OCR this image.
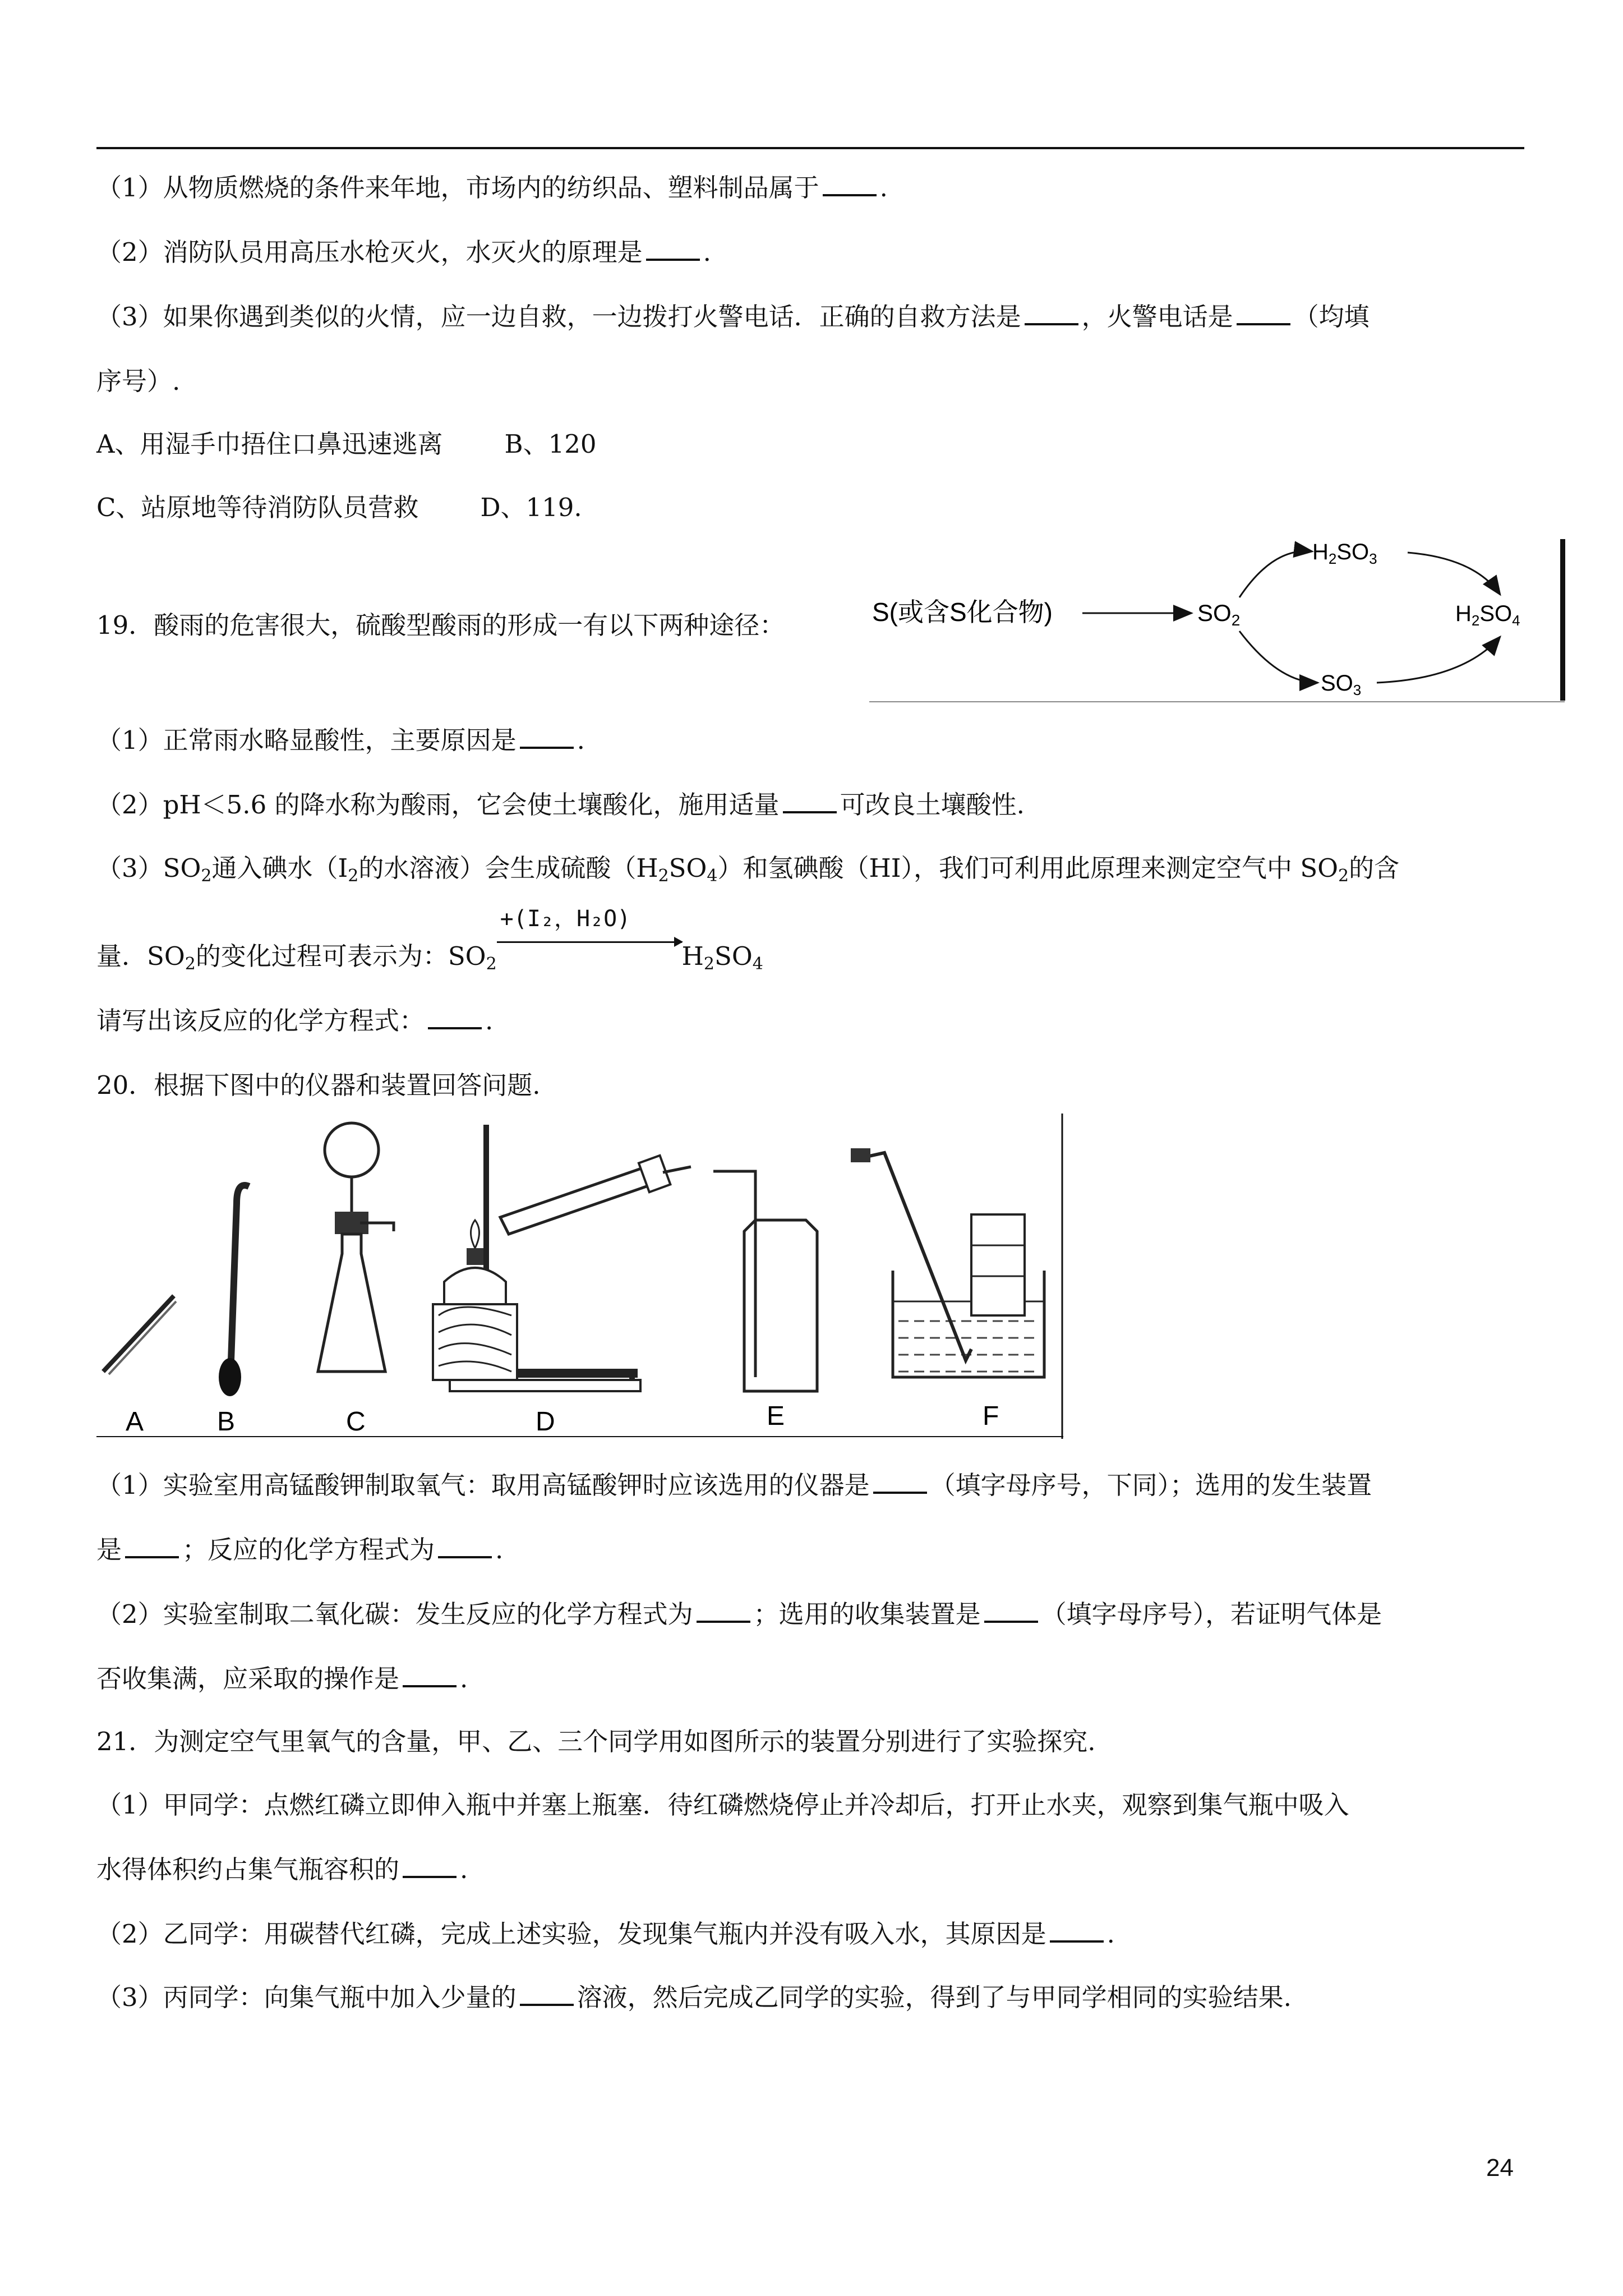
（1）从物质燃烧的条件来年地，市场内的纺织品、塑料制品属于 .
（2）消防队员用高压水枪灭火，水灭火的原理是 .
（3）如果你遇到类似的火情，应一边自救，一边拨打火警电话．正确的自救方法是 ，火警电话是 （均填
序号）.
A、用湿手巾捂住口鼻迅速逃离 B、120
C、站原地等待消防队员营救 D、119.
19．酸雨的危害很大，硫酸型酸雨的形成一有以下两种途径：	S(或含S化合物)	SO2
$H_2SO_3$
$SO_3$
$H_2SO_4$
（1）正常雨水略显酸性，主要原因是 .
（2）pH＜5.6 的降水称为酸雨，它会使土壤酸化，施用适量 可改良土壤酸性.
$(3)SO_2$通入碘水（$I_2$的水溶液）会生成硫酸$(H_2SO_4)$和氢碘酸（HI），我们可利用此原理来测定空气中 $SO_2$的含
量．$SO_2$的变化过程可表示为：$SO_2$
+(I₂，H₂O)
$H_2SO_4$
请写出该反应的化学方程式： .
20．根据下图中的仪器和装置回答问题.
A	B	C	D	E	F
（1）实验室用高锰酸钾制取氧气：取用高锰酸钾时应该选用的仪器是 （填字母序号，下同）；选用的发生装置
是 ；反应的化学方程式为 .
（2）实验室制取二氧化碳：发生反应的化学方程式为 ；选用的收集装置是 （填字母序号），若证明气体是
否收集满，应采取的操作是 .
21．为测定空气里氧气的含量，甲、乙、三个同学用如图所示的装置分别进行了实验探究.
（1）甲同学：点燃红磷立即伸入瓶中并塞上瓶塞．待红磷燃烧停止并冷却后，打开止水夹，观察到集气瓶中吸入
水得体积约占集气瓶容积的 .
（2）乙同学：用碳替代红磷，完成上述实验，发现集气瓶内并没有吸入水，其原因是 .
（3）丙同学：向集气瓶中加入少量的 溶液，然后完成乙同学的实验，得到了与甲同学相同的实验结果.
24
